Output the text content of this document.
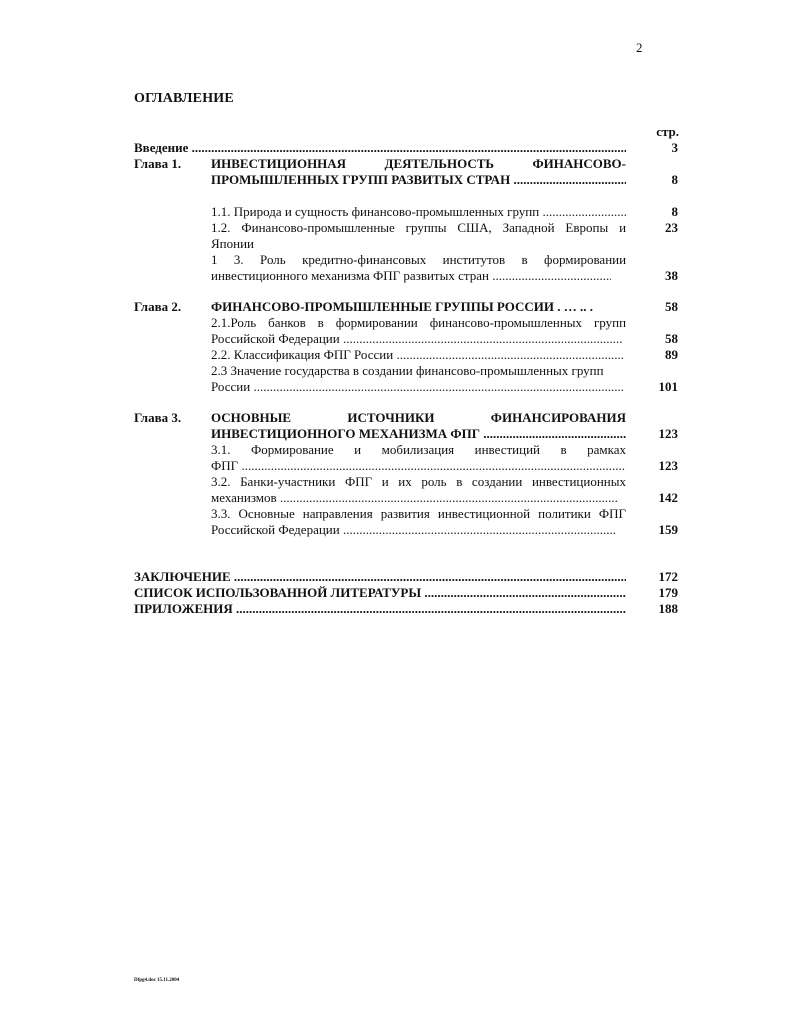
2
ОГЛАВЛЕНИЕ
стр.
Введение .....	3
Глава 1. ИНВЕСТИЦИОННАЯ	ДЕЯТЕЛЬНОСТЬ	ФИНАНСОВО-
ПРОМЫШЛЕННЫХ ГРУПП РАЗВИТЫХ СТРАН .....	8
1.1. Природа и сущность финансово-промышленных групп .....	8
1.2. Финансово-промышленные группы США, Западной Европы и	23
Японии
1 3. Роль кредитно-финансовых институтов в формировании
инвестиционного механизма ФПГ развитых стран .....	38
Глава 2. ФИНАНСОВО-ПРОМЫШЛЕННЫЕ ГРУППЫ РОССИИ . … .. .	58
2.1.Роль банков в формировании финансово-промышленных групп
Российской Федерации .....	58
2.2. Классификация ФПГ России .....	89
2.3 Значение государства в создании финансово-промышленных групп
России .....	101
Глава 3. ОСНОВНЫЕ	ИСТОЧНИКИ	ФИНАНСИРОВАНИЯ
ИНВЕСТИЦИОННОГО МЕХАНИЗМА ФПГ .....	123
3.1. Формирование и мобилизация инвестиций в рамках
ФПГ .....	123
3.2. Банки-участники ФПГ и их роль в создании инвестиционных
механизмов .....	142
3.3. Основные направления развития инвестиционной политики ФПГ
Российской Федерации .....	159
ЗАКЛЮЧЕНИЕ .....	172
СПИСОК ИСПОЛЬЗОВАННОЙ ЛИТЕРАТУРЫ .....	179
ПРИЛОЖЕНИЯ .....	188
Dfpg4.doc 15.11.2004
